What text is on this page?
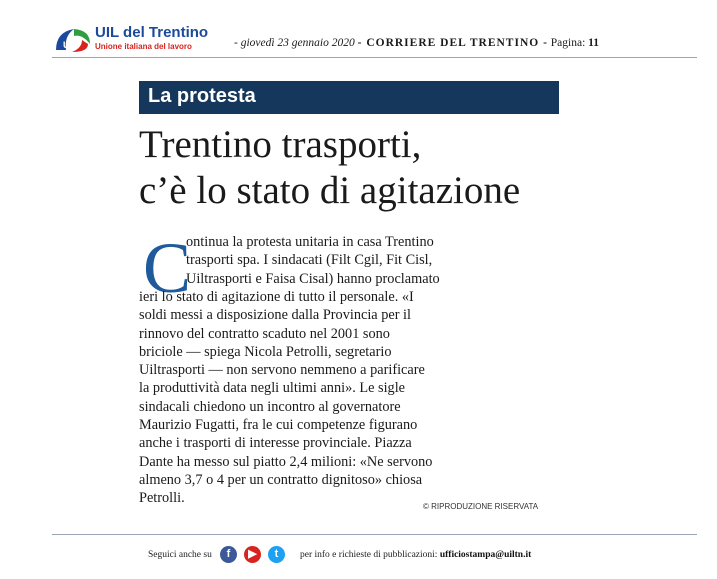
UIL
UIL del Trentino
Unione italiana del lavoro	- giovedì 23 gennaio 2020 - CORRIERE DEL TRENTINO - Pagina: 11
La protesta
Trentino trasporti,
c’è lo stato di agitazione
C
ontinua la protesta unitaria in casa Trentino
trasporti spa. I sindacati (Filt Cgil, Fit Cisl,
Uiltrasporti e Faisa Cisal) hanno proclamato
ieri lo stato di agitazione di tutto il personale. «I
soldi messi a disposizione dalla Provincia per il
rinnovo del contratto scaduto nel 2001 sono
briciole — spiega Nicola Petrolli, segretario
Uiltrasporti — non servono nemmeno a parificare
la produttività data negli ultimi anni». Le sigle
sindacali chiedono un incontro al governatore
Maurizio Fugatti, fra le cui competenze figurano
anche i trasporti di interesse provinciale. Piazza
Dante ha messo sul piatto 2,4 milioni: «Ne servono
almeno 3,7 o 4 per un contratto dignitoso» chiosa
Petrolli.
© RIPRODUZIONE RISERVATA
Seguici anche su	f	▶	t	per info e richieste di pubblicazioni: ufficiostampa@uiltn.it
